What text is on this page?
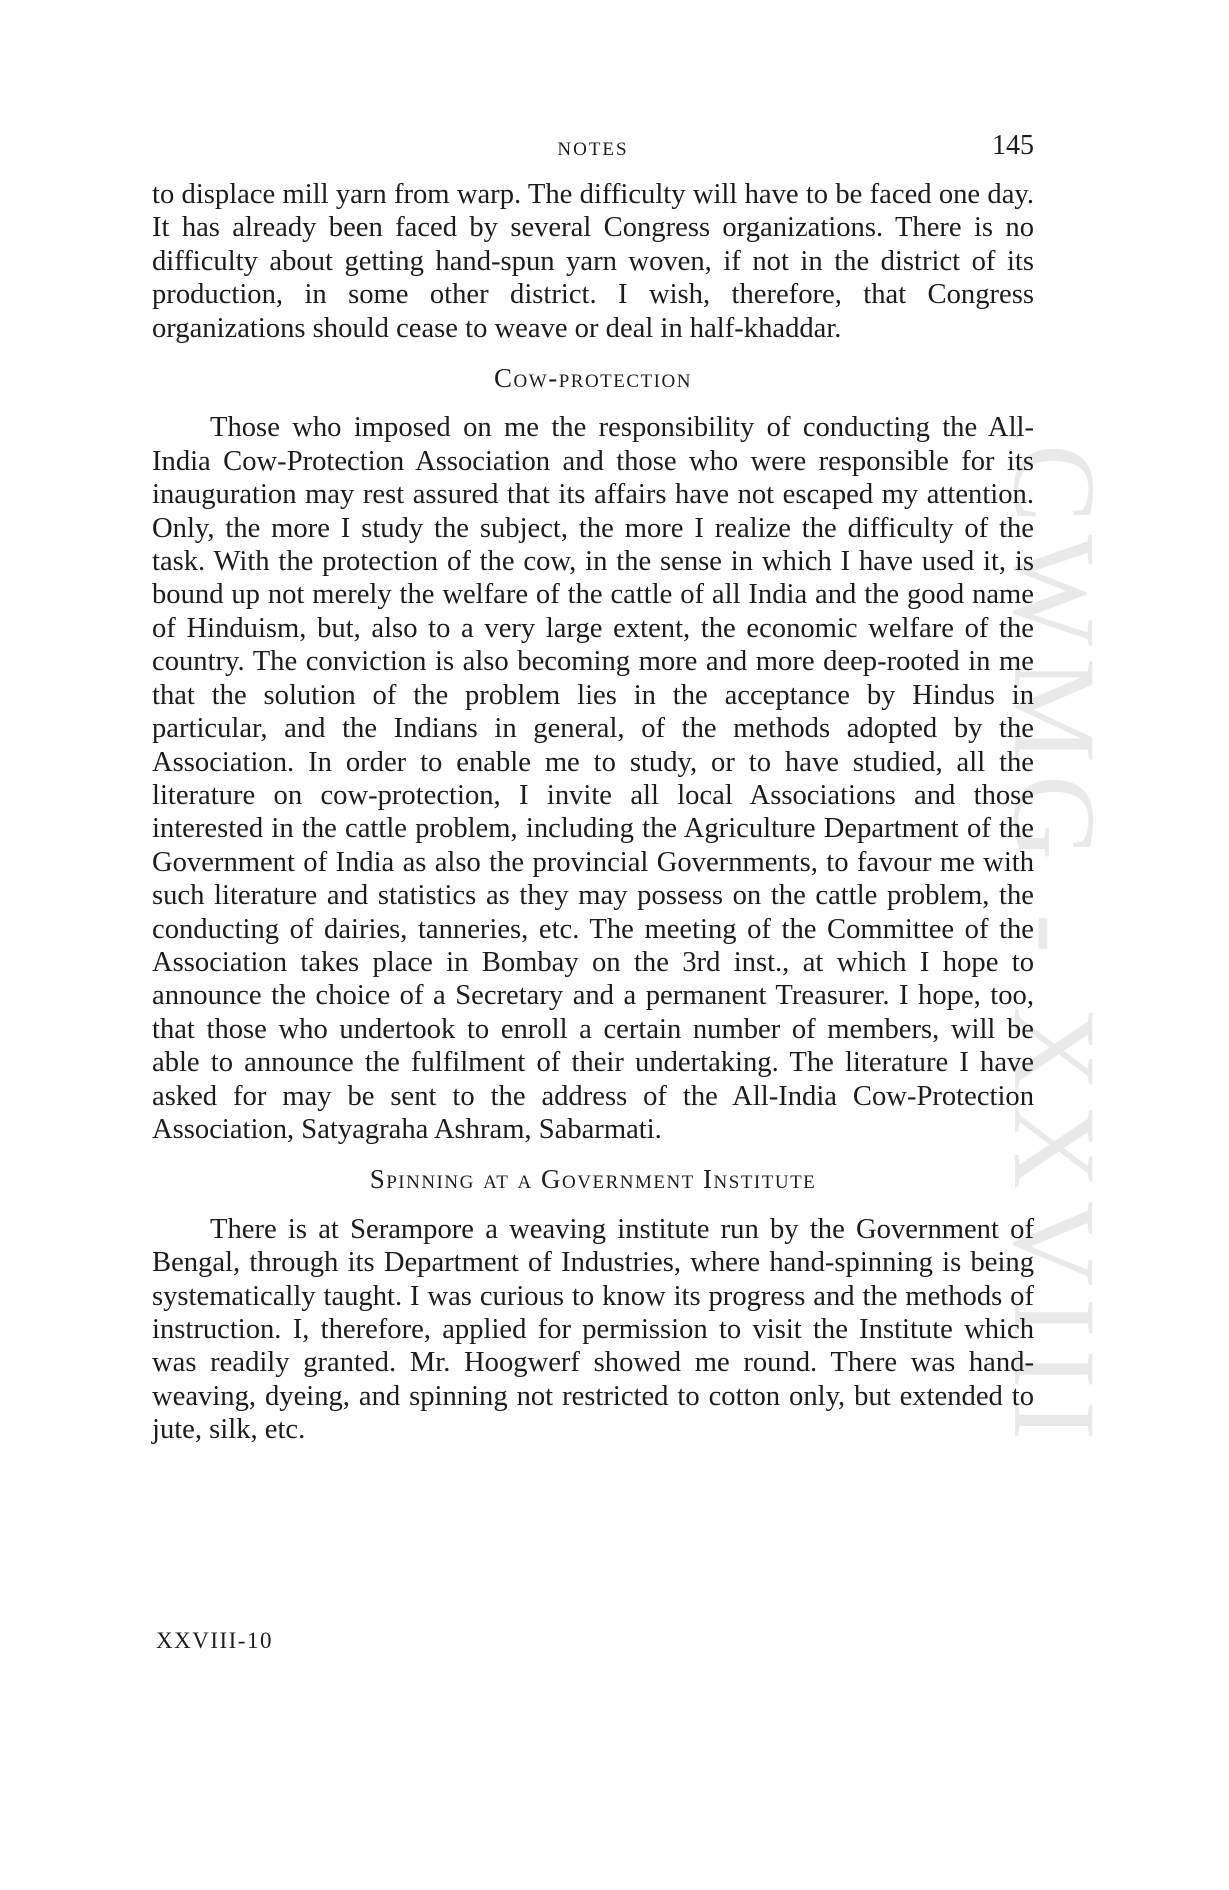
NOTES	145
CWMG - XXVIII

to displace mill yarn from warp. The difficulty will have to be faced one day. It has already been faced by several Congress organizations. There is no difficulty about getting hand-spun yarn woven, if not in the district of its production, in some other district. I wish, therefore, that Congress organizations should cease to weave or deal in half-khaddar.

Cow-protection

Those who imposed on me the responsibility of conducting the All-India Cow-Protection Association and those who were responsible for its inauguration may rest assured that its affairs have not escaped my attention. Only, the more I study the subject, the more I realize the difficulty of the task. With the protection of the cow, in the sense in which I have used it, is bound up not merely the welfare of the cattle of all India and the good name of Hinduism, but, also to a very large extent, the economic welfare of the country. The conviction is also becoming more and more deep-rooted in me that the solution of the problem lies in the acceptance by Hindus in particular, and the Indians in general, of the methods adopted by the Association. In order to enable me to study, or to have studied, all the literature on cow-protection, I invite all local Associations and those interested in the cattle problem, including the Agriculture Department of the Government of India as also the provincial Governments, to favour me with such literature and statistics as they may possess on the cattle problem, the conducting of dairies, tanneries, etc. The meeting of the Committee of the Association takes place in Bombay on the 3rd inst., at which I hope to announce the choice of a Secretary and a permanent Treasurer. I hope, too, that those who undertook to enroll a certain number of members, will be able to announce the fulfilment of their undertaking. The literature I have asked for may be sent to the address of the All-India Cow-Protection Association, Satyagraha Ashram, Sabarmati.

Spinning at a Government Institute

There is at Serampore a weaving institute run by the Government of Bengal, through its Department of Industries, where hand-spinning is being systematically taught. I was curious to know its progress and the methods of instruction. I, therefore, applied for permission to visit the Institute which was readily granted. Mr. Hoogwerf showed me round. There was hand-weaving, dyeing, and spinning not restricted to cotton only, but extended to jute, silk, etc.

XXVIII-10
